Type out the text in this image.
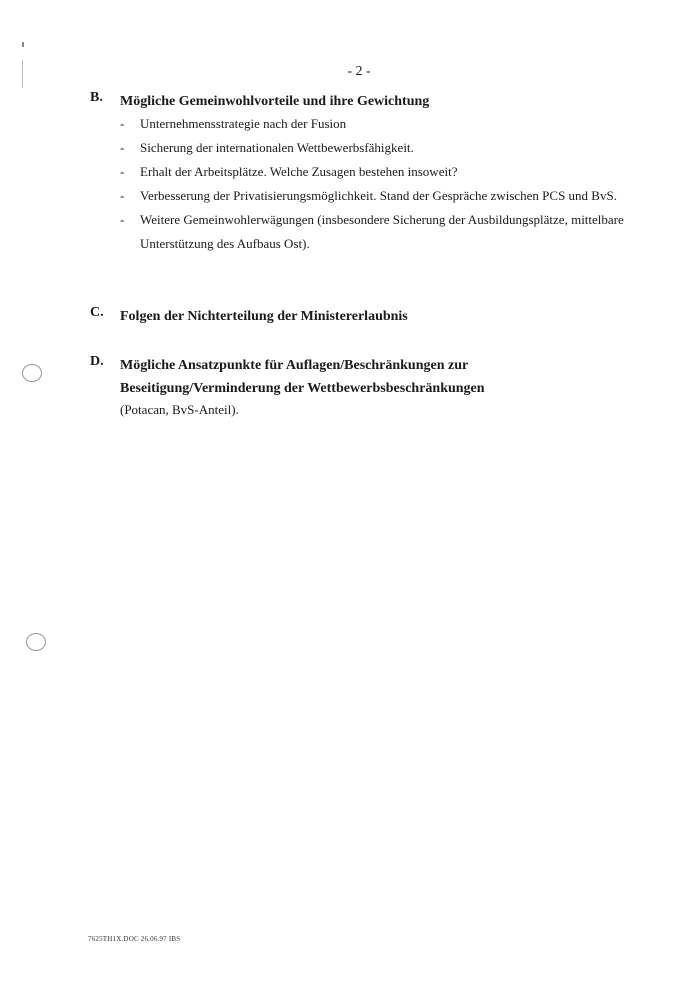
- 2 -
B. Mögliche Gemeinwohlvorteile und ihre Gewichtung
- Unternehmensstrategie nach der Fusion
- Sicherung der internationalen Wettbewerbsfähigkeit.
- Erhalt der Arbeitsplätze. Welche Zusagen bestehen insoweit?
- Verbesserung der Privatisierungsmöglichkeit. Stand der Gespräche zwischen PCS und BvS.
- Weitere Gemeinwohlerwägungen (insbesondere Sicherung der Ausbildungsplätze, mittelbare Unterstützung des Aufbaus Ost).
C. Folgen der Nichterteilung der Ministererlaubnis
D. Mögliche Ansatzpunkte für Auflagen/Beschränkungen zur Beseitigung/Verminderung der Wettbewerbsbeschränkungen
(Potacan, BvS-Anteil).
7625TH1X.DOC 26.06.97 IBS
